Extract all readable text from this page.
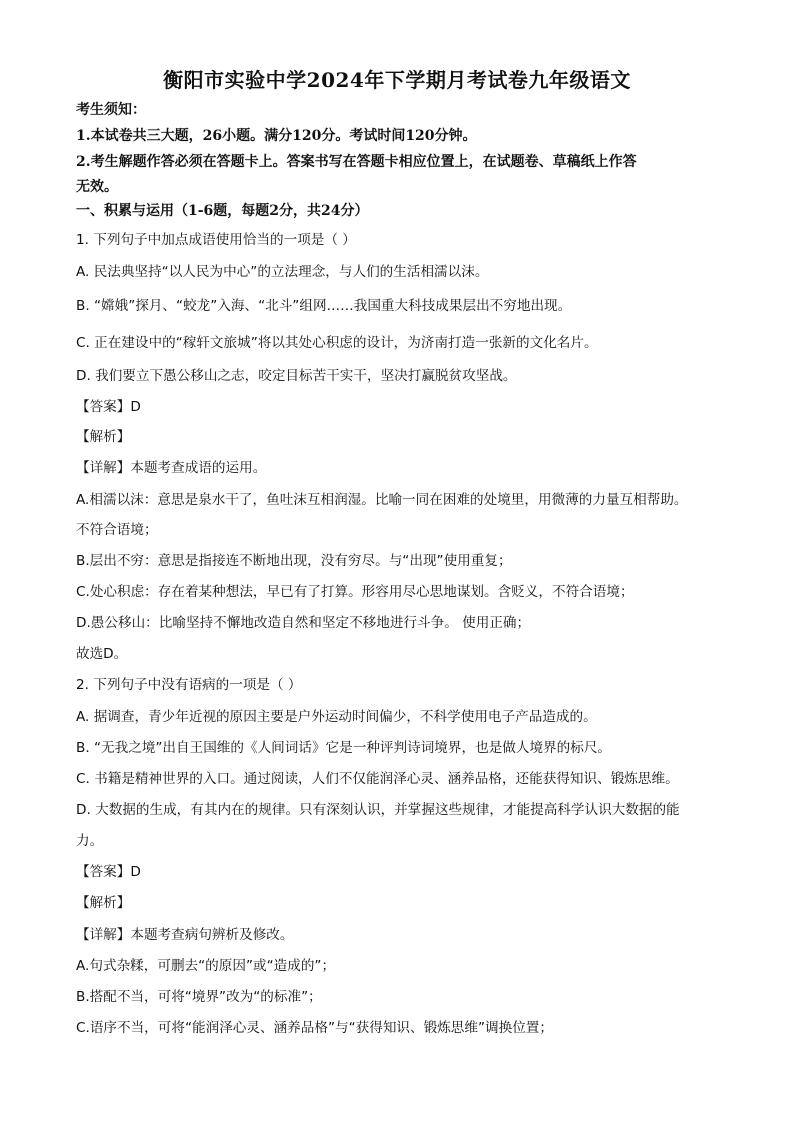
衡阳市实验中学2024年下学期月考试卷九年级语文
考生须知：
1.本试卷共三大题，26小题。满分120分。考试时间120分钟。
2.考生解题作答必须在答题卡上。答案书写在答题卡相应位置上，在试题卷、草稿纸上作答
无效。
一、积累与运用（1-6题，每题2分，共24分）
1. 下列句子中加点成语使用恰当的一项是（ ）
A. 民法典坚持“以人民为中心”的立法理念，与人们的生活相濡以沫。
B. “嫦娥”探月、“蛟龙”入海、“北斗”组网……我国重大科技成果层出不穷地出现。
C. 正在建设中的“稼轩文旅城”将以其处心积虑的设计，为济南打造一张新的文化名片。
D. 我们要立下愚公移山之志，咬定目标苦干实干，坚决打赢脱贫攻坚战。
【答案】D
【解析】
【详解】本题考查成语的运用。
A.相濡以沫：意思是泉水干了，鱼吐沫互相润湿。比喻一同在困难的处境里，用微薄的力量互相帮助。
不符合语境；
B.层出不穷：意思是指接连不断地出现，没有穷尽。与“出现”使用重复；
C.处心积虑：存在着某种想法，早已有了打算。形容用尽心思地谋划。含贬义，不符合语境；
D.愚公移山：比喻坚持不懈地改造自然和坚定不移地进行斗争。 使用正确；
故选D。
2. 下列句子中没有语病的一项是（ ）
A. 据调查，青少年近视的原因主要是户外运动时间偏少，不科学使用电子产品造成的。
B. “无我之境”出自王国维的《人间词话》它是一种评判诗词境界，也是做人境界的标尺。
C. 书籍是精神世界的入口。通过阅读，人们不仅能润泽心灵、涵养品格，还能获得知识、锻炼思维。
D. 大数据的生成，有其内在的规律。只有深刻认识，并掌握这些规律，才能提高科学认识大数据的能
力。
【答案】D
【解析】
【详解】本题考查病句辨析及修改。
A.句式杂糅，可删去“的原因”或“造成的”；
B.搭配不当，可将“境界”改为“的标准”；
C.语序不当，可将“能润泽心灵、涵养品格”与“获得知识、锻炼思维”调换位置；
